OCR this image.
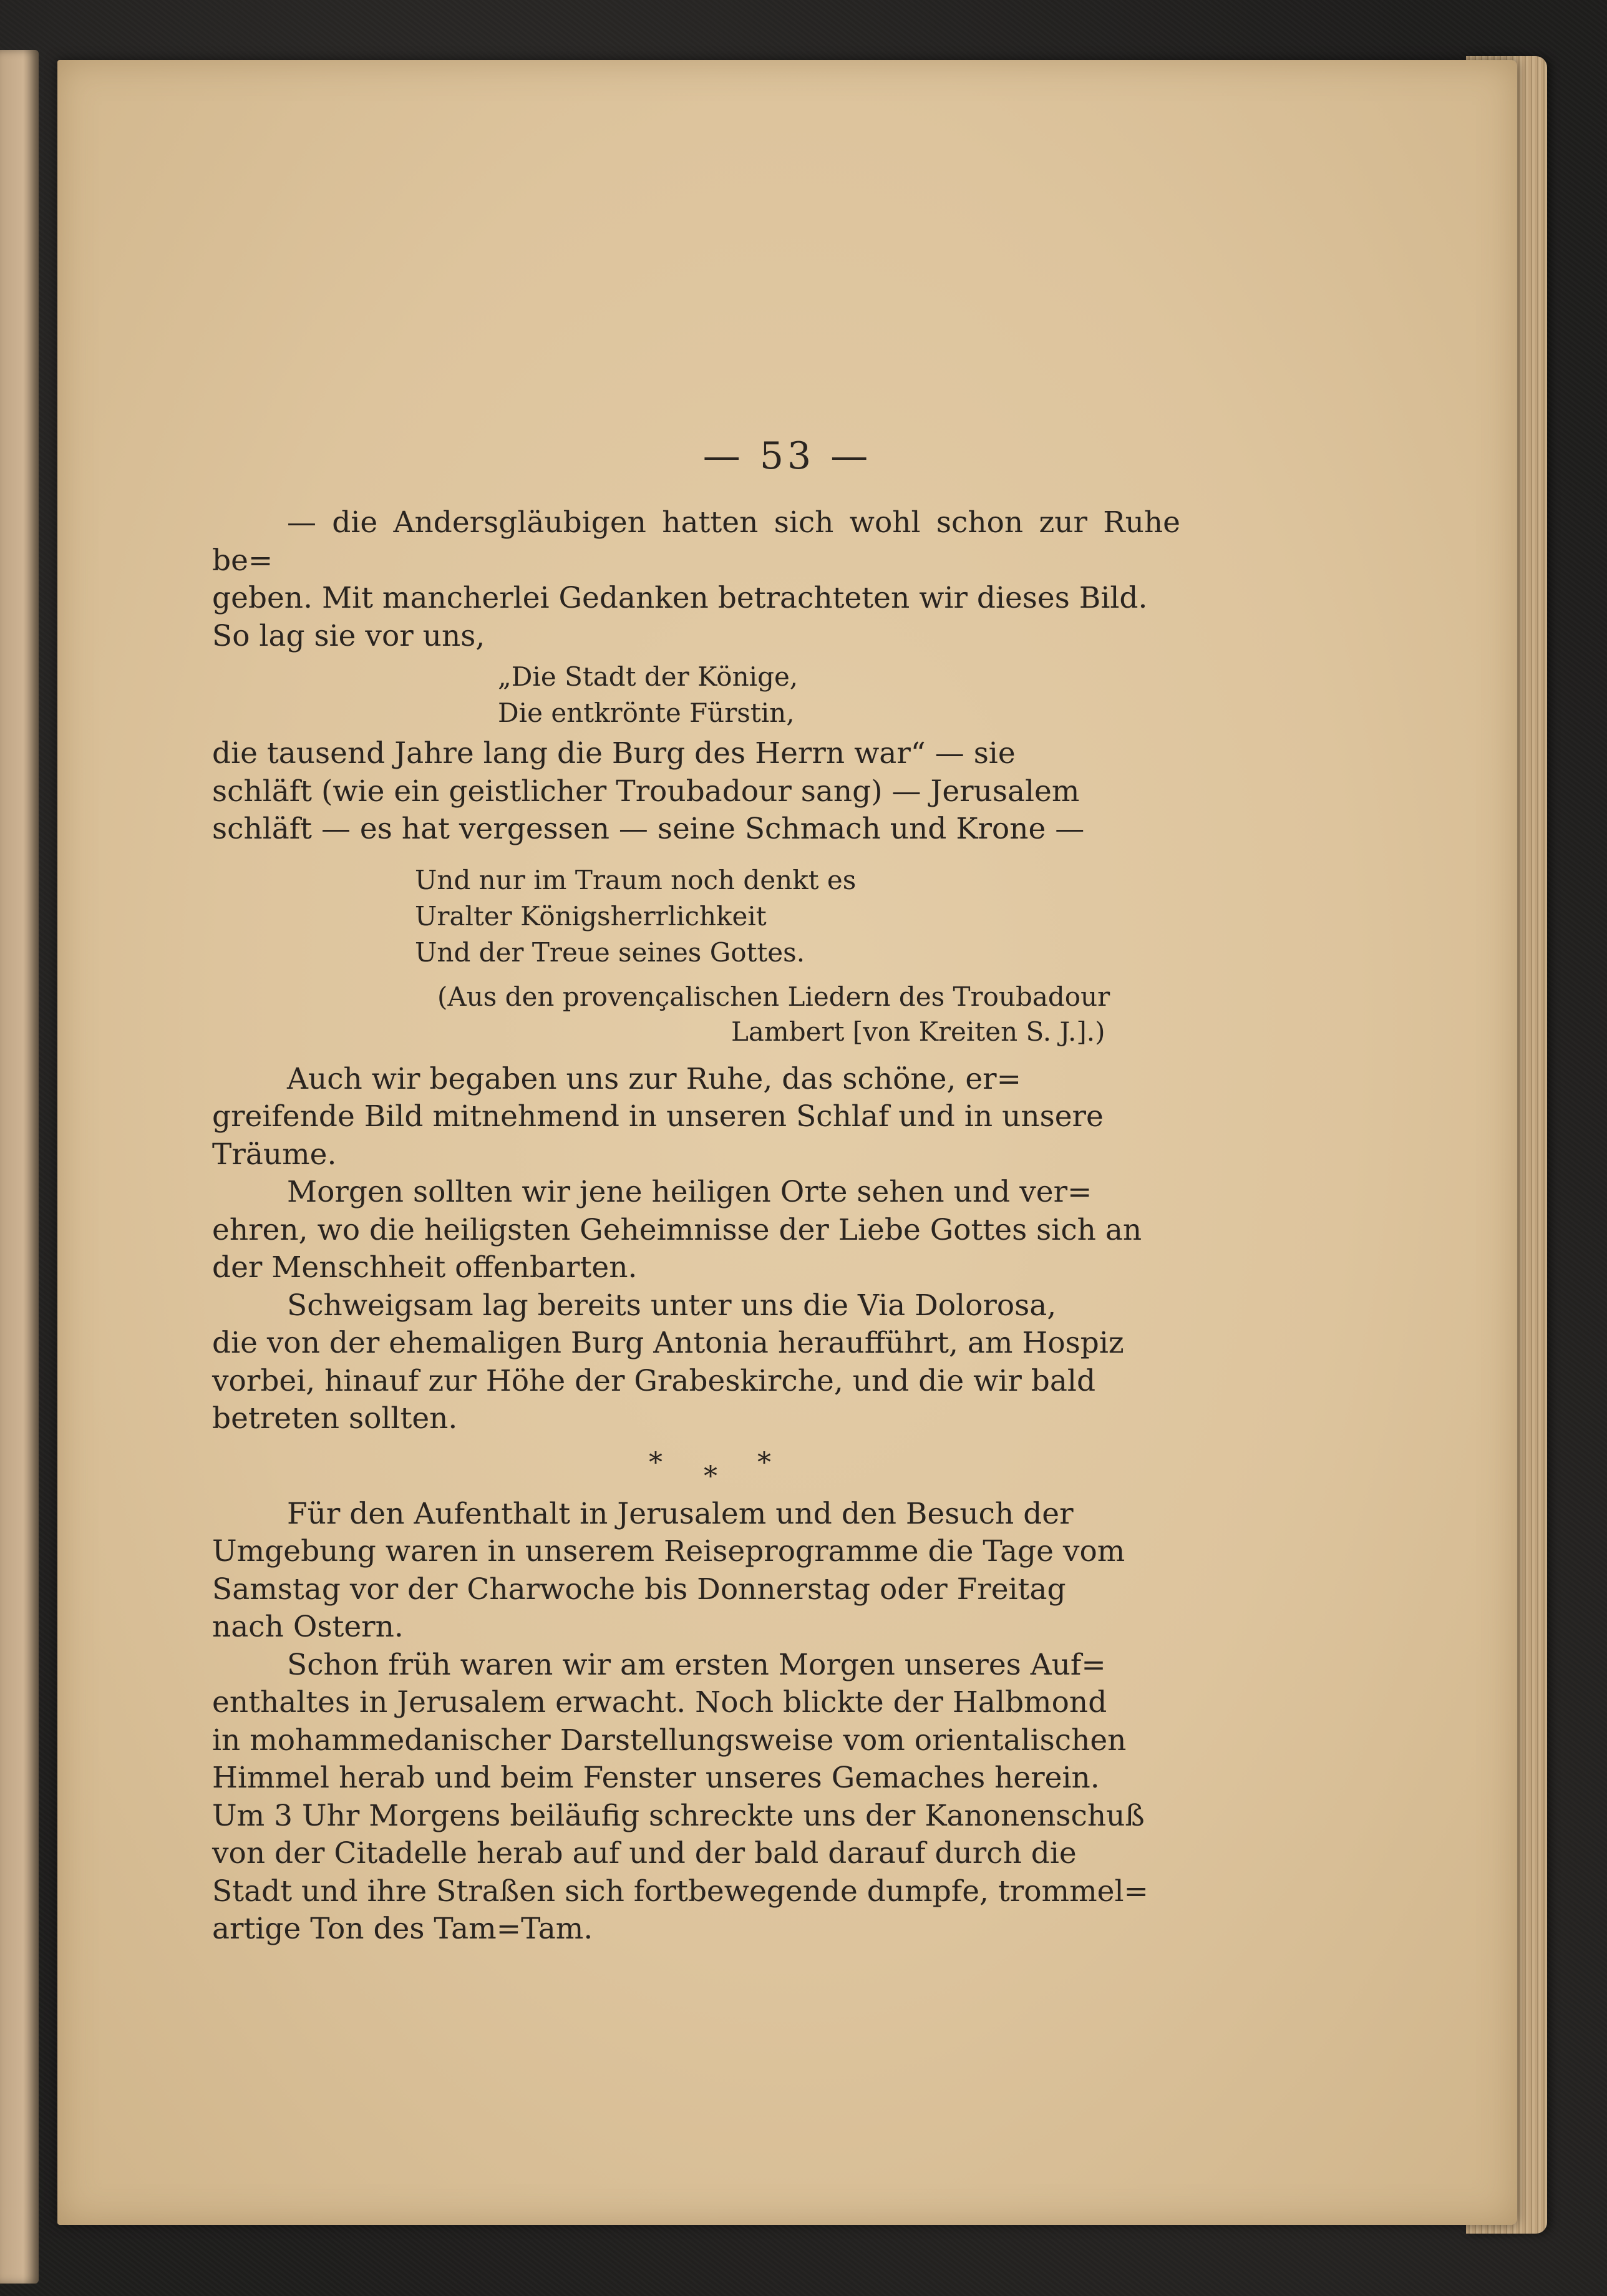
— 53 —

— die Andersgläubigen hatten sich wohl schon zur Ruhe be=
geben. Mit mancherlei Gedanken betrachteten wir dieses Bild.
So lag sie vor uns,

„Die Stadt der Könige,
Die entkrönte Fürstin,

die tausend Jahre lang die Burg des Herrn war“ — sie
schläft (wie ein geistlicher Troubadour sang) — Jerusalem
schläft — es hat vergessen — seine Schmach und Krone —

Und nur im Traum noch denkt es
Uralter Königsherrlichkeit
Und der Treue seines Gottes.
(Aus den provençalischen Liedern des Troubadour
Lambert [von Kreiten S. J.].)

Auch wir begaben uns zur Ruhe, das schöne, er=
greifende Bild mitnehmend in unseren Schlaf und in unsere
Träume.

Morgen sollten wir jene heiligen Orte sehen und ver=
ehren, wo die heiligsten Geheimnisse der Liebe Gottes sich an
der Menschheit offenbarten.

Schweigsam lag bereits unter uns die Via Dolorosa,
die von der ehemaligen Burg Antonia heraufführt, am Hospiz
vorbei, hinauf zur Höhe der Grabeskirche, und die wir bald
betreten sollten.

* * *

Für den Aufenthalt in Jerusalem und den Besuch der
Umgebung waren in unserem Reiseprogramme die Tage vom
Samstag vor der Charwoche bis Donnerstag oder Freitag
nach Ostern.

Schon früh waren wir am ersten Morgen unseres Auf=
enthaltes in Jerusalem erwacht. Noch blickte der Halbmond
in mohammedanischer Darstellungsweise vom orientalischen
Himmel herab und beim Fenster unseres Gemaches herein.
Um 3 Uhr Morgens beiläufig schreckte uns der Kanonenschuß
von der Citadelle herab auf und der bald darauf durch die
Stadt und ihre Straßen sich fortbewegende dumpfe, trommel=
artige Ton des Tam=Tam.
